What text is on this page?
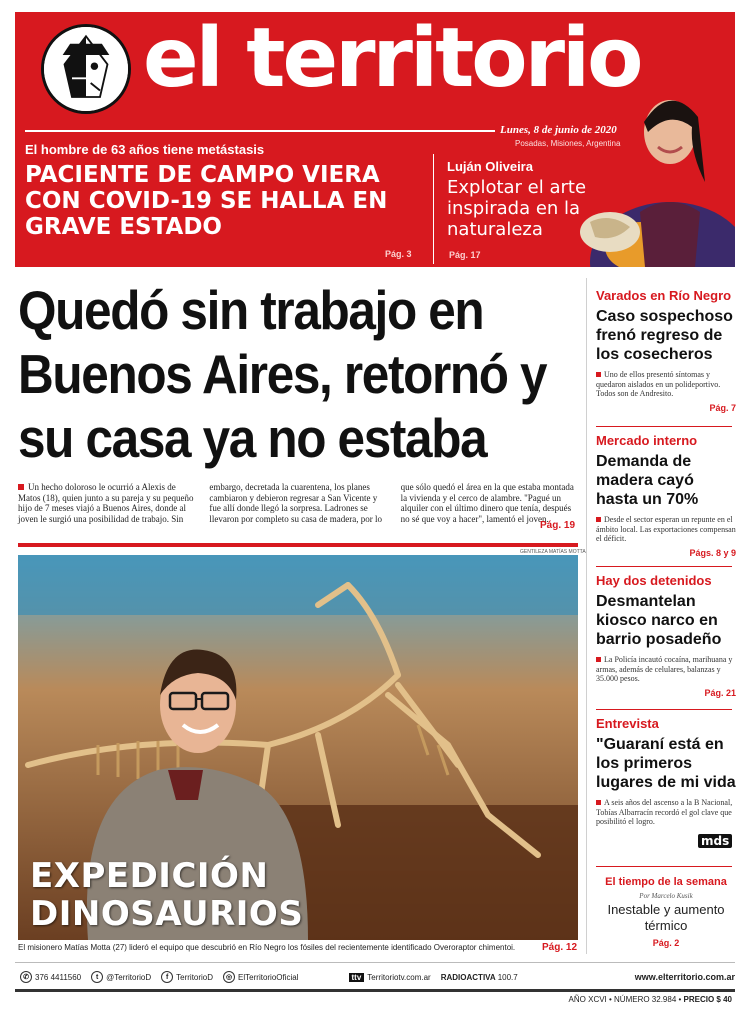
el territorio
Lunes, 8 de junio de 2020
Posadas, Misiones, Argentina
El hombre de 63 años tiene metástasis
PACIENTE DE CAMPO VIERA CON COVID-19 SE HALLA EN GRAVE ESTADO
Pág. 3
Luján Oliveira
Explotar el arte inspirada en la naturaleza
Pág. 17
Quedó sin trabajo en Buenos Aires, retornó y su casa ya no estaba
Un hecho doloroso le ocurrió a Alexis de Matos (18), quien junto a su pareja y su pequeño hijo de 7 meses viajó a Buenos Aires, donde al joven le surgió una posibilidad de trabajo. Sin embargo, decretada la cuarentena, los planes cambiaron y debieron regresar a San Vicente y fue allí donde llegó la sorpresa. Ladrones se llevaron por completo su casa de madera, por lo que sólo quedó el área en la que estaba montada la vivienda y el cerco de alambre. "Pagué un alquiler con el último dinero que tenía, después no sé que voy a hacer", lamentó el joven.
Pág. 19
GENTILEZA MATÍAS MOTTA
EXPEDICIÓN
DINOSAURIOS
El misionero Matías Motta (27) lideró el equipo que descubrió en Río Negro los fósiles del recientemente identificado Overoraptor chimentoi.	Pág. 12
Varados en Río Negro
Caso sospechoso frenó regreso de los cosecheros
Uno de ellos presentó síntomas y quedaron aislados en un polideportivo. Todos son de Andresito.
Pág. 7
Mercado interno
Demanda de madera cayó hasta un 70%
Desde el sector esperan un repunte en el ámbito local. Las exportaciones compensan el déficit.
Págs. 8 y 9
Hay dos detenidos
Desmantelan kiosco narco en barrio posadeño
La Policía incautó cocaína, marihuana y armas, además de celulares, balanzas y 35.000 pesos.
Pág. 21
Entrevista
"Guaraní está en los primeros lugares de mi vida
A seis años del ascenso a la B Nacional, Tobías Albarracín recordó el gol clave que posibilitó el logro.
mds
El tiempo de la semana
Por Marcelo Kusik
Inestable y aumento térmico
Pág. 2
✆ 376 4411560	t @TerritorioD	f TerritorioD	◎ ElTerritorioOficial	ttv Territoriotv.com.ar RADIOACTIVA 100.7	www.elterritorio.com.ar
AÑO XCVI • NÚMERO 32.984 • PRECIO $ 40
